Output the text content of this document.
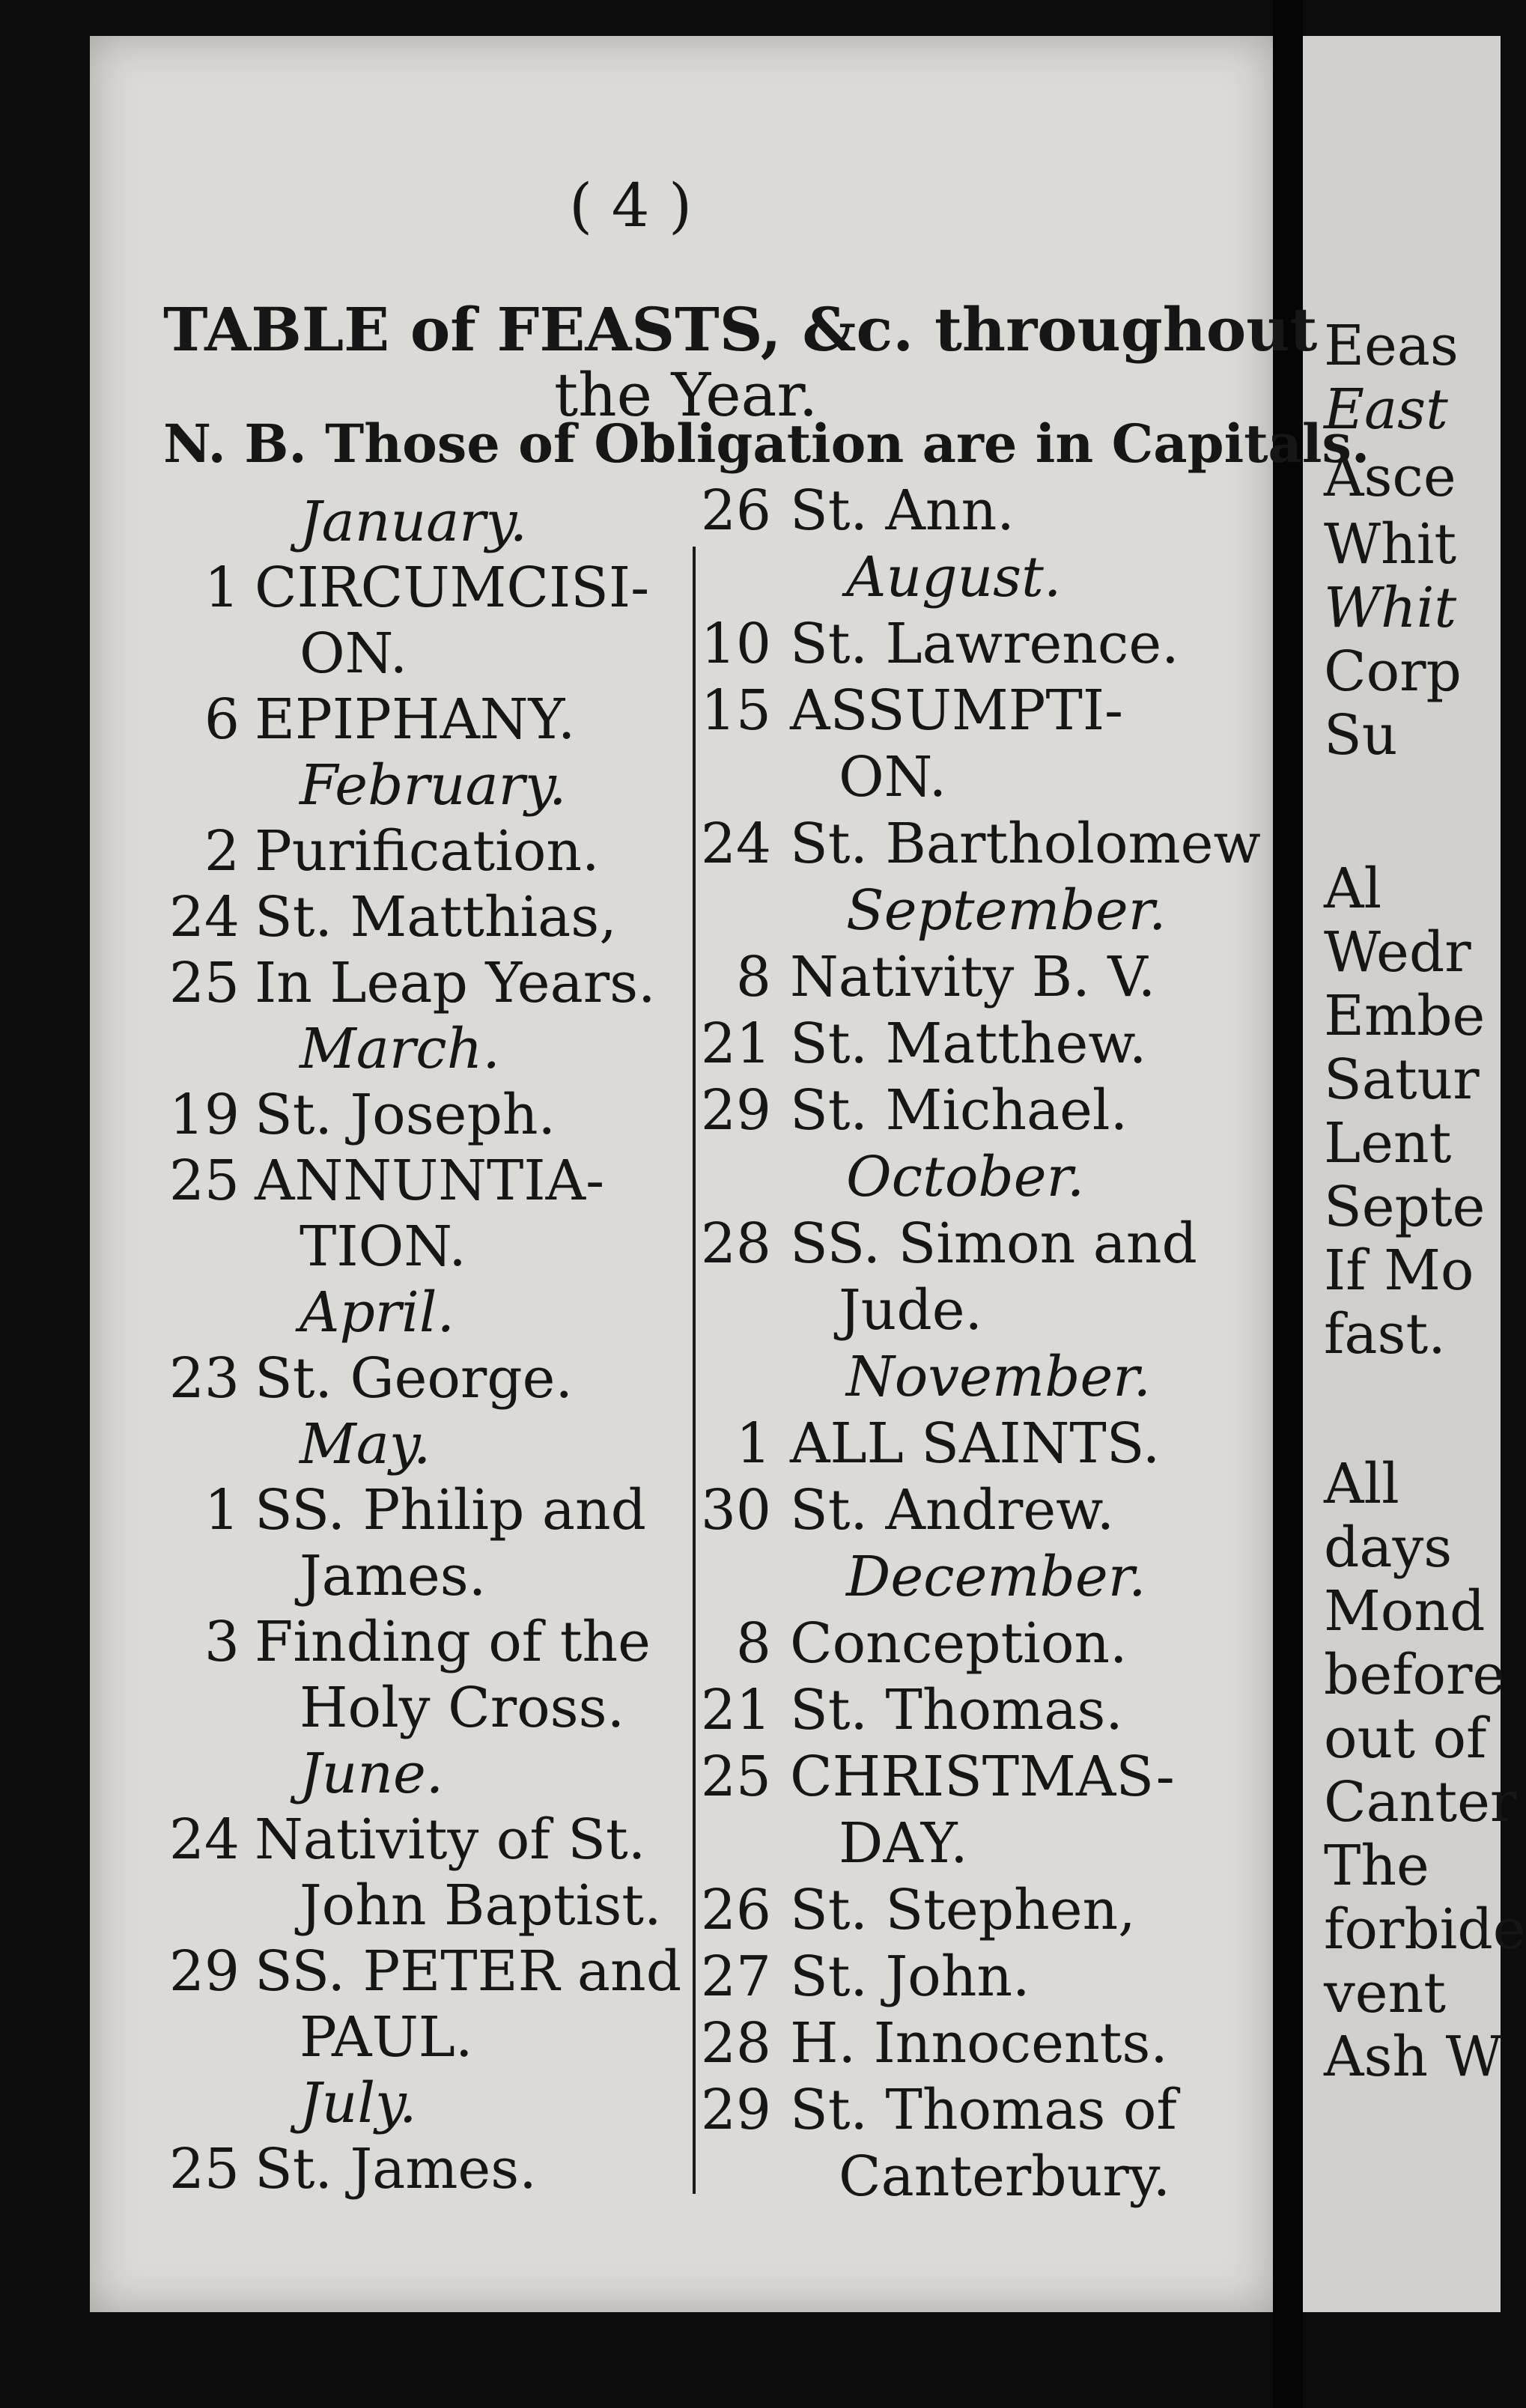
Eeas
East
Asce
Whit
Whit
Corp
Su
Al
Wedr
Embe
Satur
Lent
Septe
If Mo
fast.
All
days
Mond
before
out of
Canter
The
forbide
vent
Ash W
( 4 )
TABLE of FEASTS, &c. throughout
the Year.
N. B. Those of Obligation are in Capitals.
January.
1 CIRCUMCISI-
ON.
6 EPIPHANY.
February.
2 Purification.
24 St. Matthias,
25 In Leap Years.
March.
19 St. Joseph.
25 ANNUNTIA-
TION.
April.
23 St. George.
May.
1 SS. Philip and
James.
3 Finding of the
Holy Cross.
June.
24 Nativity of St.
John Baptist.
29 SS. PETER and
PAUL.
July.
25 St. James.
26 St. Ann.
August.
10 St. Lawrence.
15 ASSUMPTI-
ON.
24 St. Bartholomew
September.
8 Nativity B. V.
21 St. Matthew.
29 St. Michael.
October.
28 SS. Simon and
Jude.
November.
1 ALL SAINTS.
30 St. Andrew.
December.
8 Conception.
21 St. Thomas.
25 CHRISTMAS-
DAY.
26 St. Stephen,
27 St. John.
28 H. Innocents.
29 St. Thomas of
Canterbury.
